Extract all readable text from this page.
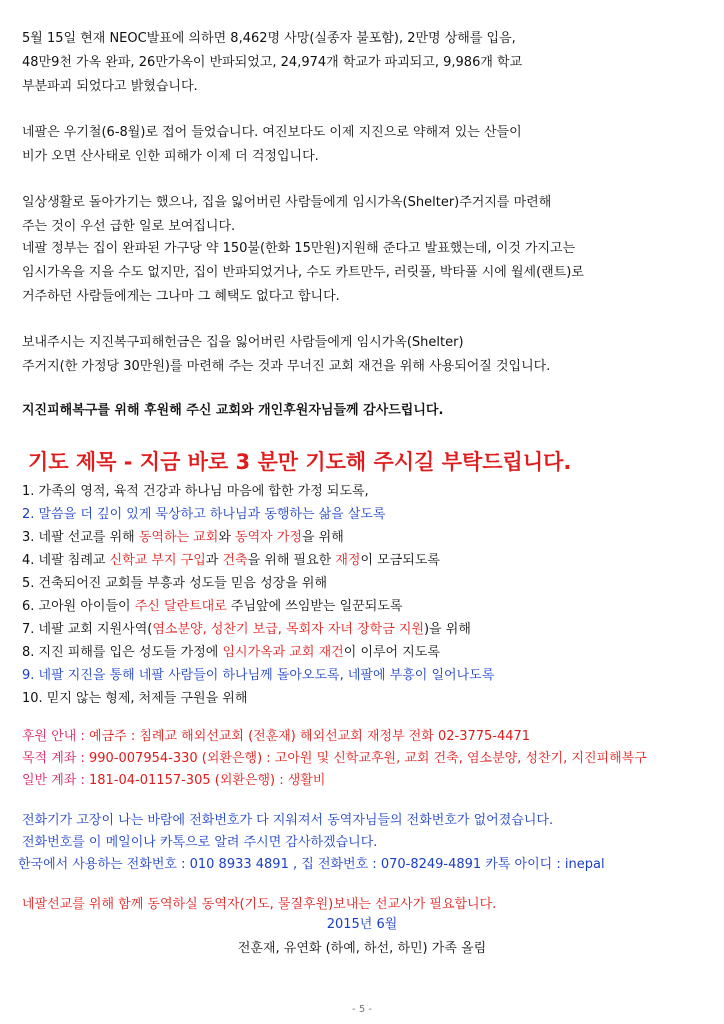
5월 15일 현재 NEOC발표에 의하면 8,462명 사망(실종자 불포함), 2만명 상해를 입음,
48만9천 가옥 완파, 26만가옥이 반파되었고, 24,974개 학교가 파괴되고, 9,986개 학교
부분파괴 되었다고 밝혔습니다.
네팔은 우기철(6-8월)로 접어 들었습니다. 여진보다도 이제 지진으로 약해져 있는 산들이
비가 오면 산사태로 인한 피해가 이제 더 걱정입니다.
일상생활로 돌아가기는 했으나, 집을 잃어버린 사람들에게 임시가옥(Shelter)주거지를 마련해
주는 것이 우선 급한 일로 보여집니다.
네팔 정부는 집이 완파된 가구당 약 150불(한화 15만원)지원해 준다고 발표했는데, 이것 가지고는
임시가옥을 지을 수도 없지만, 집이 반파되었거나, 수도 카트만두, 러릿풀, 박타풀 시에 월세(랜트)로
거주하던 사람들에게는 그나마 그 혜택도 없다고 합니다.
보내주시는 지진복구피해헌금은 집을 잃어버린 사람들에게 임시가옥(Shelter)
주거지(한 가정당 30만원)를 마련해 주는 것과 무너진 교회 재건을 위해 사용되어질 것입니다.
지진피해복구를 위해 후원해 주신 교회와 개인후원자님들께 감사드립니다.
기도 제목 - 지금 바로 3 분만 기도해 주시길 부탁드립니다.
1. 가족의 영적, 육적 건강과 하나님 마음에 합한 가정 되도록,
2. 말씀을 더 깊이 있게 묵상하고 하나님과 동행하는 삶을 살도록
3. 네팔 선교를 위해 동역하는 교회와 동역자 가정을 위해
4. 네팔 침례교 신학교 부지 구입과 건축을 위해 필요한 재정이 모금되도록
5. 건축되어진 교회들 부흥과 성도들 믿음 성장을 위해
6. 고아원 아이들이 주신 달란트대로 주님앞에 쓰임받는 일꾼되도록
7. 네팔 교회 지원사역(염소분양, 성찬기 보급, 목회자 자녀 장학금 지원)을 위해
8. 지진 피해를 입은 성도들 가정에 임시가옥과 교회 재건이 이루어 지도록
9. 네팔 지진을 통해 네팔 사람들이 하나님께 돌아오도록, 네팔에 부흥이 일어나도록
10. 믿지 않는 형제, 처제들 구원을 위해
후원 안내 : 예금주 : 침례교 해외선교회 (전훈재) 해외선교회 재정부 전화 02-3775-4471
목적 계좌 : 990-007954-330 (외환은행) : 고아원 및 신학교후원, 교회 건축, 염소분양, 성찬기, 지진피해복구
일반 계좌 : 181-04-01157-305 (외환은행) : 생활비
전화기가 고장이 나는 바람에 전화번호가 다 지워져서 동역자님들의 전화번호가 없어졌습니다.
전화번호를 이 메일이나 카톡으로 알려 주시면 감사하겠습니다.
한국에서 사용하는 전화번호 : 010 8933 4891 , 집 전화번호 : 070-8249-4891 카톡 아이디 : inepal
네팔선교를 위해 함께 동역하실 동역자(기도, 물질후원)보내는 선교사가 필요합니다.
2015년 6월
전훈재, 유연화 (하예, 하선, 하민) 가족 올림
- 5 -
